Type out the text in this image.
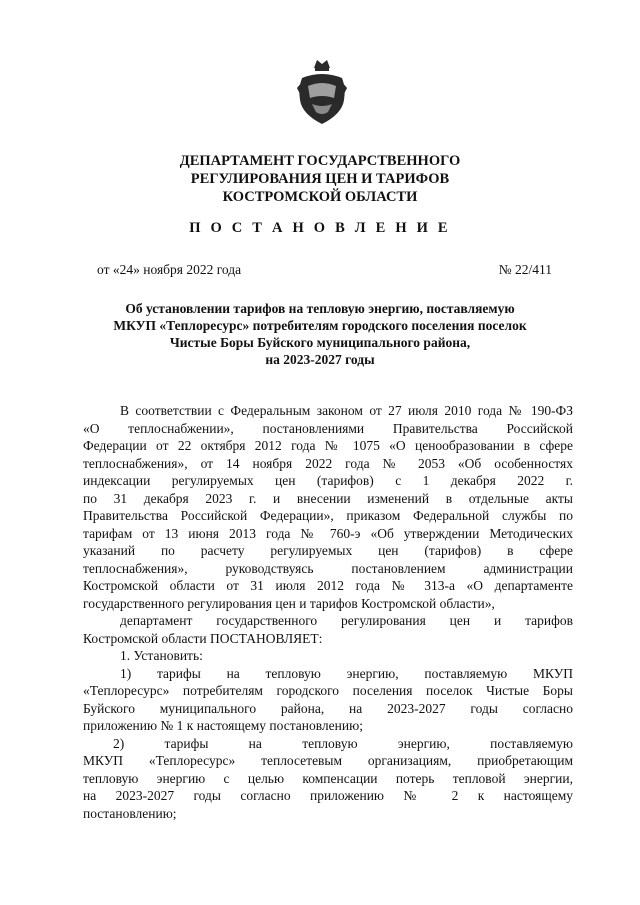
ДЕПАРТАМЕНТ ГОСУДАРСТВЕННОГО
РЕГУЛИРОВАНИЯ ЦЕН И ТАРИФОВ
КОСТРОМСКОЙ ОБЛАСТИ
П О С Т А Н О В Л Е Н И Е
от «24» ноября 2022 года	№ 22/411
Об установлении тарифов на тепловую энергию, поставляемую
МКУП «Теплоресурс» потребителям городского поселения поселок
Чистые Боры Буйского муниципального района,
на 2023-2027 годы
В соответствии с Федеральным законом от 27 июля 2010 года № 190-ФЗ
«О теплоснабжении», постановлениями Правительства Российской
Федерации от 22 октября 2012 года № 1075 «О ценообразовании в сфере
теплоснабжения», от 14 ноября 2022 года № 2053 «Об особенностях
индексации регулируемых цен (тарифов) с 1 декабря 2022 г.
по 31 декабря 2023 г. и внесении изменений в отдельные акты
Правительства Российской Федерации», приказом Федеральной службы по
тарифам от 13 июня 2013 года № 760-э «Об утверждении Методических
указаний по расчету регулируемых цен (тарифов) в сфере
теплоснабжения», руководствуясь постановлением администрации
Костромской области от 31 июля 2012 года № 313-а «О департаменте
государственного регулирования цен и тарифов Костромской области»,
департамент государственного регулирования цен и тарифов
Костромской области ПОСТАНОВЛЯЕТ:
1. Установить:
1) тарифы на тепловую энергию, поставляемую МКУП
«Теплоресурс» потребителям городского поселения поселок Чистые Боры
Буйского муниципального района, на 2023-2027 годы согласно
приложению № 1 к настоящему постановлению;
2) тарифы на тепловую энергию, поставляемую
МКУП «Теплоресурс» теплосетевым организациям, приобретающим
тепловую энергию с целью компенсации потерь тепловой энергии,
на 2023-2027 годы согласно приложению № 2 к настоящему
постановлению;
